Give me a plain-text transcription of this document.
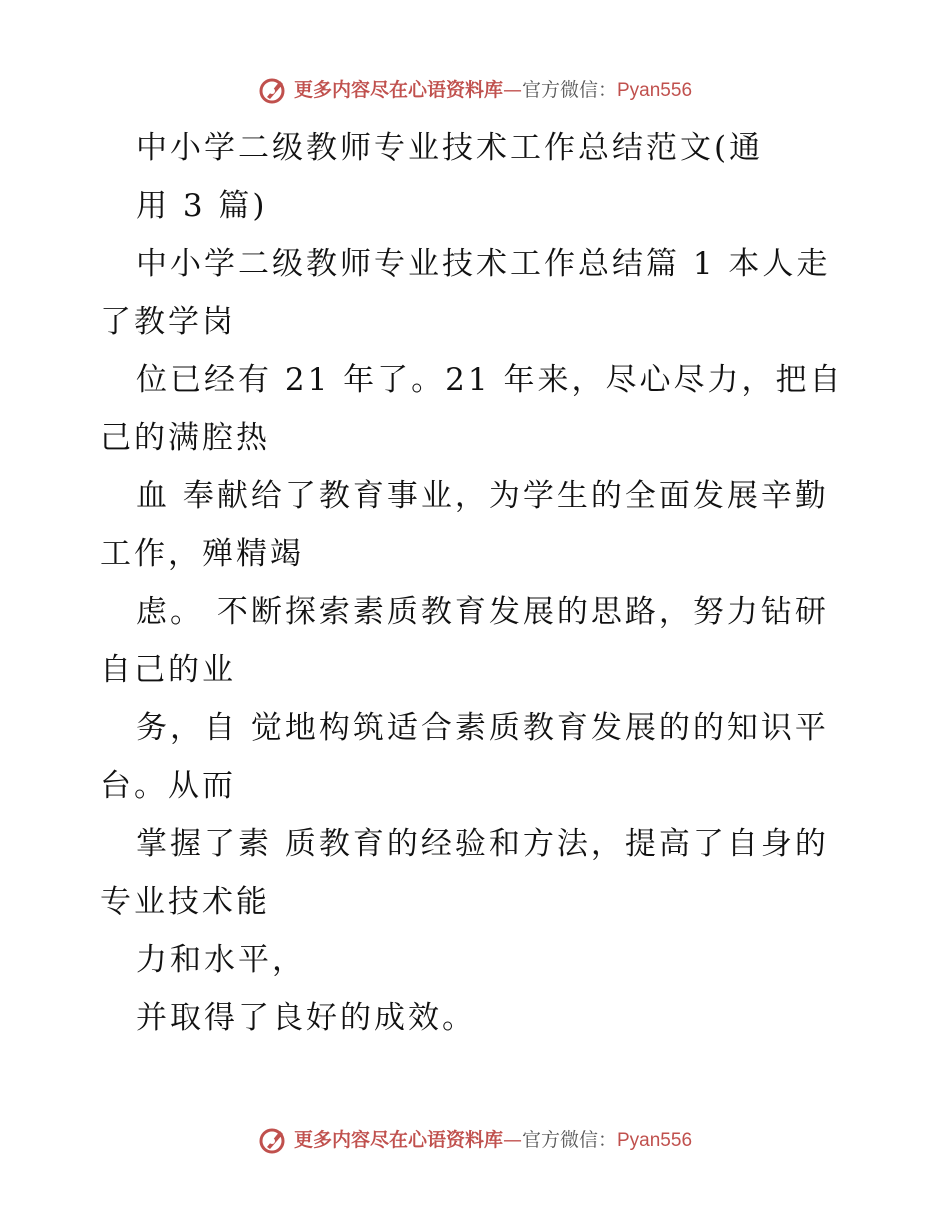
更多内容尽在心语资料库 — 官方微信： Pyan556
中小学二级教师专业技术工作总结范文(通
用 3 篇)
中小学二级教师专业技术工作总结篇 1 本人走
了教学岗
位已经有 21 年了。21 年来，尽心尽力，把自
己的满腔热
血 奉献给了教育事业，为学生的全面发展辛勤
工作，殚精竭
虑。 不断探索素质教育发展的思路，努力钻研
自己的业
务，自 觉地构筑适合素质教育发展的的知识平
台。从而
掌握了素 质教育的经验和方法，提高了自身的
专业技术能
力和水平，
并取得了良好的成效。
更多内容尽在心语资料库 — 官方微信： Pyan556
